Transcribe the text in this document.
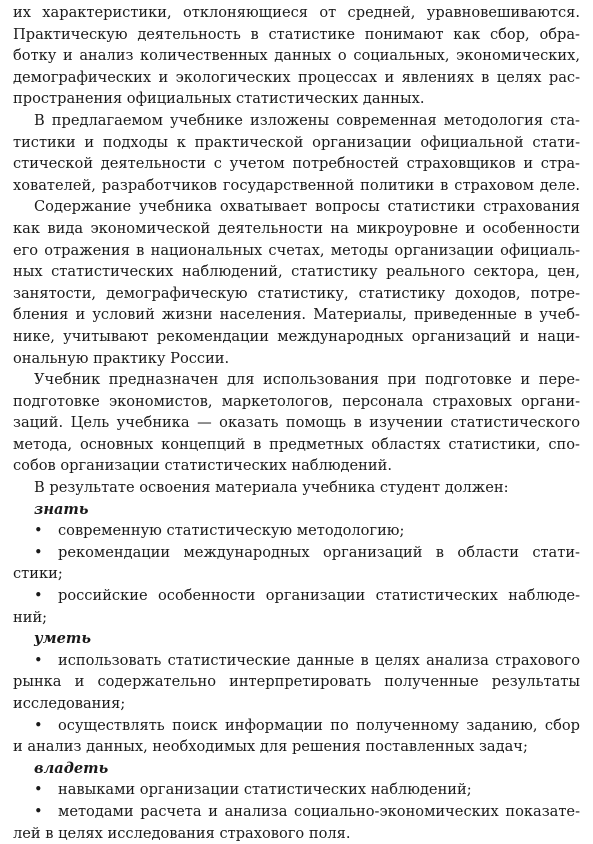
их характеристики, отклоняющиеся от средней, уравновешиваются.
Практическую деятельность в статистике понимают как сбор, обра-
ботку и анализ количественных данных о социальных, экономических,
демографических и экологических процессах и явлениях в целях рас-
пространения официальных статистических данных.
В предлагаемом учебнике изложены современная методология ста-
тистики и подходы к практической организации официальной стати-
стической деятельности с учетом потребностей страховщиков и стра-
хователей, разработчиков государственной политики в страховом деле.
Содержание учебника охватывает вопросы статистики страхования
как вида экономической деятельности на микроуровне и особенности
его отражения в национальных счетах, методы организации официаль-
ных статистических наблюдений, статистику реального сектора, цен,
занятости, демографическую статистику, статистику доходов, потре-
бления и условий жизни населения. Материалы, приведенные в учеб-
нике, учитывают рекомендации международных организаций и наци-
ональную практику России.
Учебник предназначен для использования при подготовке и пере-
подготовке экономистов, маркетологов, персонала страховых органи-
заций. Цель учебника — оказать помощь в изучении статистического
метода, основных концепций в предметных областях статистики, спо-
собов организации статистических наблюдений.
В результате освоения материала учебника студент должен:
знать
• современную статистическую методологию;
• рекомендации международных организаций в области стати-
стики;
• российские особенности организации статистических наблюде-
ний;
уметь
• использовать статистические данные в целях анализа страхового
рынка и содержательно интерпретировать полученные результаты
исследования;
• осуществлять поиск информации по полученному заданию, сбор
и анализ данных, необходимых для решения поставленных задач;
владеть
• навыками организации статистических наблюдений;
• методами расчета и анализа социально-экономических показате-
лей в целях исследования страхового поля.
